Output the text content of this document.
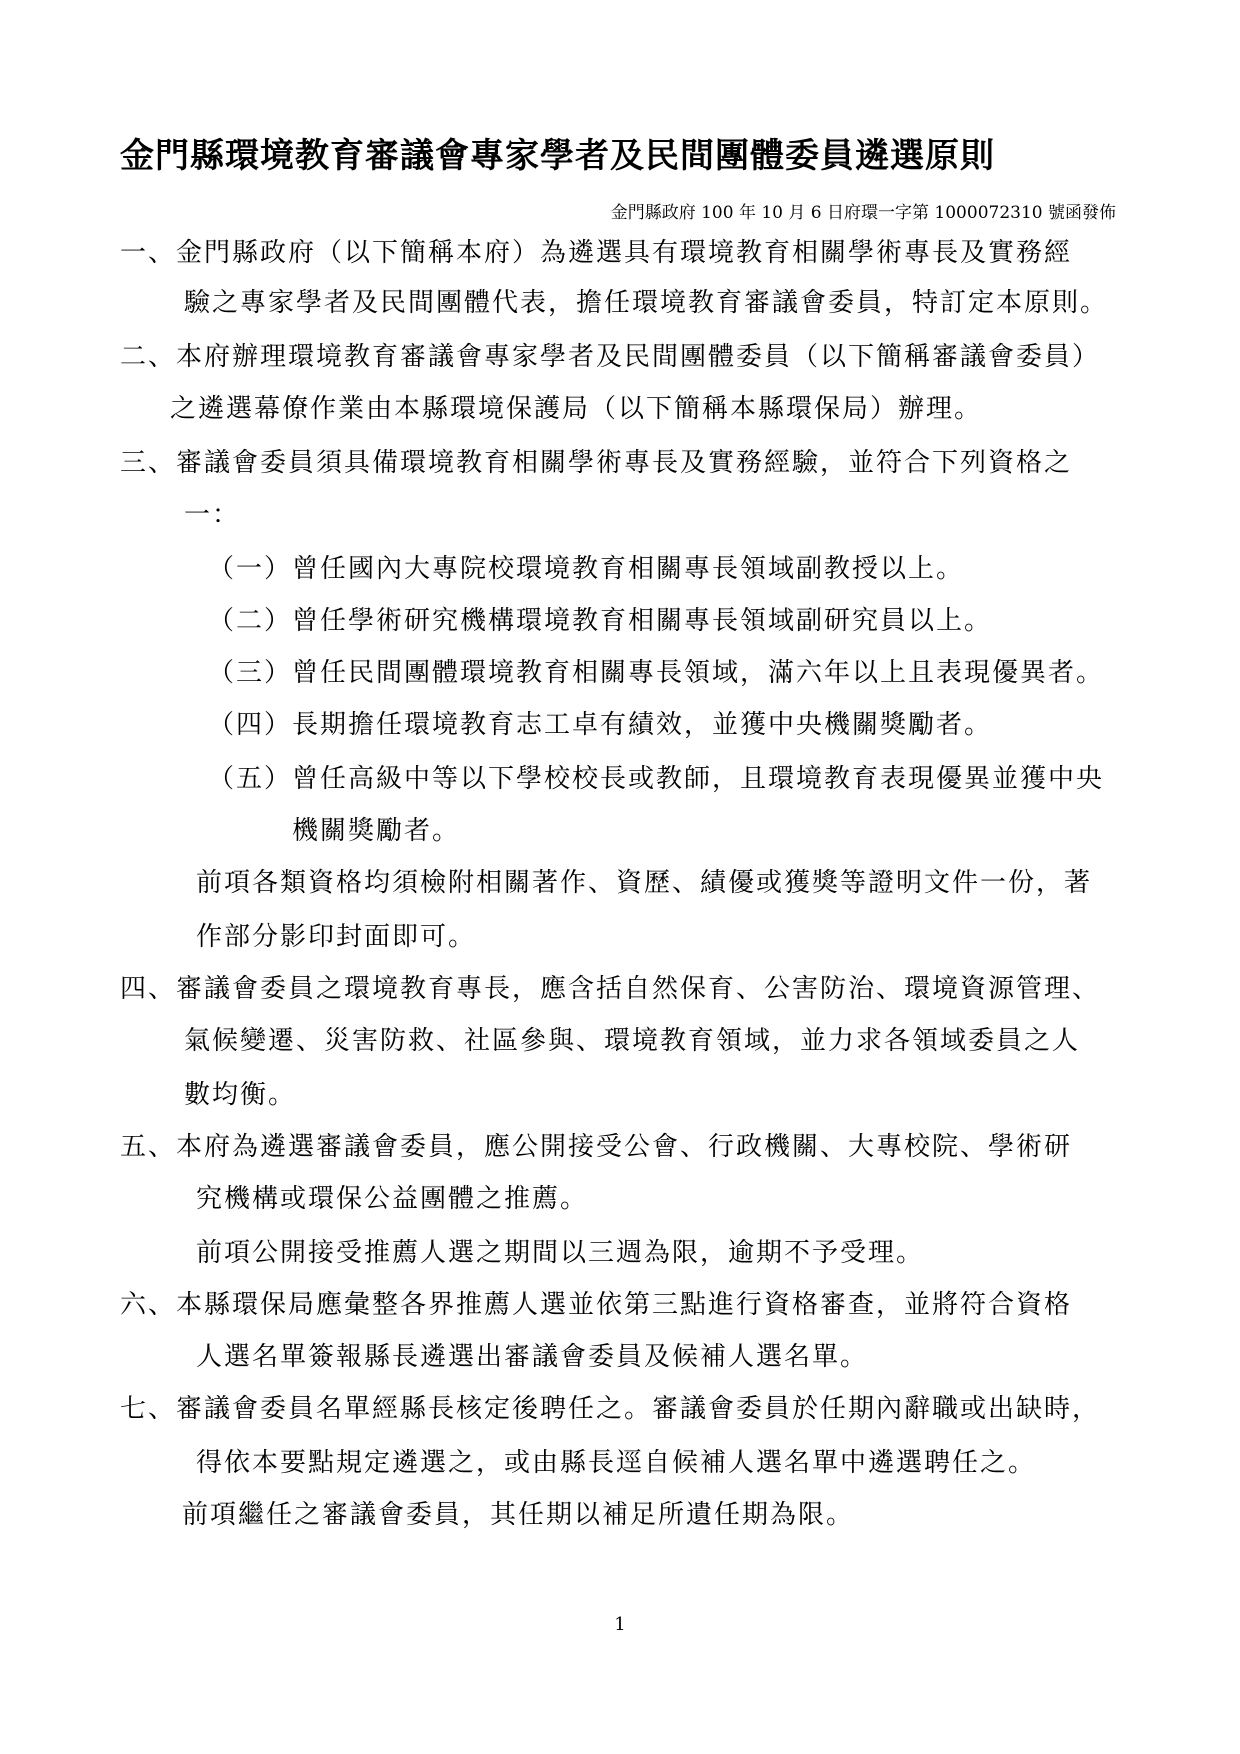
金門縣環境教育審議會專家學者及民間團體委員遴選原則
金門縣政府 100 年 10 月 6 日府環一字第 1000072310 號函發佈
一、金門縣政府（以下簡稱本府）為遴選具有環境教育相關學術專長及實務經
驗之專家學者及民間團體代表，擔任環境教育審議會委員，特訂定本原則。
二、本府辦理環境教育審議會專家學者及民間團體委員（以下簡稱審議會委員）
之遴選幕僚作業由本縣環境保護局（以下簡稱本縣環保局）辦理。
三、審議會委員須具備環境教育相關學術專長及實務經驗，並符合下列資格之
一：
（一）曾任國內大專院校環境教育相關專長領域副教授以上。
（二）曾任學術研究機構環境教育相關專長領域副研究員以上。
（三）曾任民間團體環境教育相關專長領域，滿六年以上且表現優異者。
（四）長期擔任環境教育志工卓有績效，並獲中央機關獎勵者。
（五）曾任高級中等以下學校校長或教師，且環境教育表現優異並獲中央
機關獎勵者。
前項各類資格均須檢附相關著作、資歷、績優或獲獎等證明文件一份，著
作部分影印封面即可。
四、審議會委員之環境教育專長，應含括自然保育、公害防治、環境資源管理、
氣候變遷、災害防救、社區參與、環境教育領域，並力求各領域委員之人
數均衡。
五、本府為遴選審議會委員，應公開接受公會、行政機關、大專校院、學術研
究機構或環保公益團體之推薦。
前項公開接受推薦人選之期間以三週為限，逾期不予受理。
六、本縣環保局應彙整各界推薦人選並依第三點進行資格審查，並將符合資格
人選名單簽報縣長遴選出審議會委員及候補人選名單。
七、審議會委員名單經縣長核定後聘任之。審議會委員於任期內辭職或出缺時，
得依本要點規定遴選之，或由縣長逕自候補人選名單中遴選聘任之。
前項繼任之審議會委員，其任期以補足所遺任期為限。
1
